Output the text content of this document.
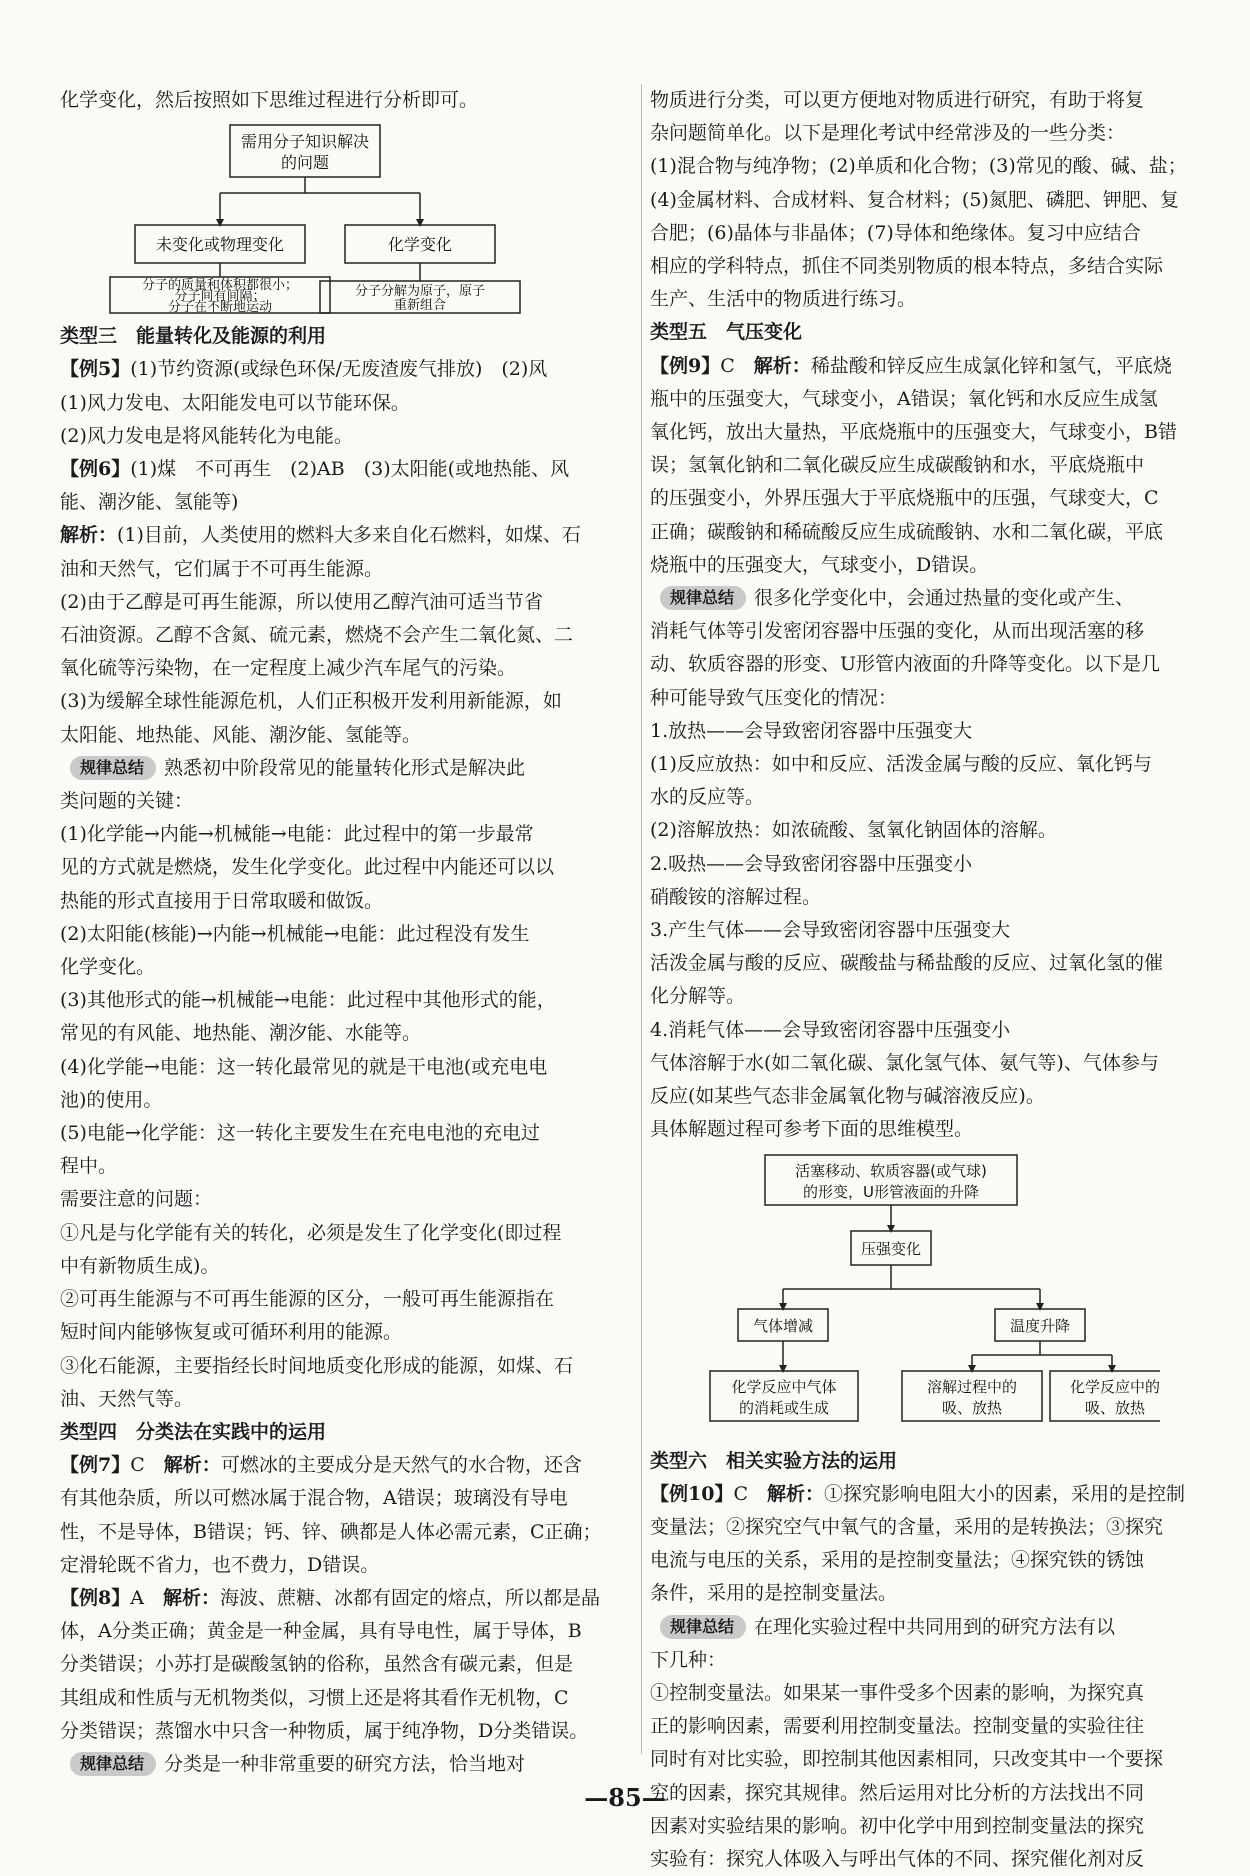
化学变化，然后按照如下思维过程进行分析即可。

需用分子知识解决
的问题
未变化或物理变化	化学变化
分子的质量和体积都很小；
分子间有间隔；
分子在不断地运动
分子分解为原子，原子
重新组合

类型三　能量转化及能源的利用

【例5】(1)节约资源(或绿色环保/无废渣废气排放)　(2)风

(1)风力发电、太阳能发电可以节能环保。

(2)风力发电是将风能转化为电能。

【例6】(1)煤　不可再生　(2)AB　(3)太阳能(或地热能、风

能、潮汐能、氢能等)

解析：(1)目前，人类使用的燃料大多来自化石燃料，如煤、石

油和天然气，它们属于不可再生能源。

(2)由于乙醇是可再生能源，所以使用乙醇汽油可适当节省

石油资源。乙醇不含氮、硫元素，燃烧不会产生二氧化氮、二

氧化硫等污染物，在一定程度上减少汽车尾气的污染。

(3)为缓解全球性能源危机，人们正积极开发利用新能源，如

太阳能、地热能、风能、潮汐能、氢能等。

规律总结 熟悉初中阶段常见的能量转化形式是解决此

类问题的关键：

(1)化学能→内能→机械能→电能：此过程中的第一步最常

见的方式就是燃烧，发生化学变化。此过程中内能还可以以

热能的形式直接用于日常取暖和做饭。

(2)太阳能(核能)→内能→机械能→电能：此过程没有发生

化学变化。

(3)其他形式的能→机械能→电能：此过程中其他形式的能，

常见的有风能、地热能、潮汐能、水能等。

(4)化学能→电能：这一转化最常见的就是干电池(或充电电

池)的使用。

(5)电能→化学能：这一转化主要发生在充电电池的充电过

程中。

需要注意的问题：

①凡是与化学能有关的转化，必须是发生了化学变化(即过程

中有新物质生成)。

②可再生能源与不可再生能源的区分，一般可再生能源指在

短时间内能够恢复或可循环利用的能源。

③化石能源，主要指经长时间地质变化形成的能源，如煤、石

油、天然气等。

类型四　分类法在实践中的运用

【例7】C　 解析：可燃冰的主要成分是天然气的水合物，还含

有其他杂质，所以可燃冰属于混合物，A错误；玻璃没有导电

性，不是导体，B错误；钙、锌、碘都是人体必需元素，C正确；

定滑轮既不省力，也不费力，D错误。

【例8】A　 解析：海波、蔗糖、冰都有固定的熔点，所以都是晶

体，A分类正确；黄金是一种金属，具有导电性，属于导体，B

分类错误；小苏打是碳酸氢钠的俗称，虽然含有碳元素，但是

其组成和性质与无机物类似，习惯上还是将其看作无机物，C

分类错误；蒸馏水中只含一种物质，属于纯净物，D分类错误。

规律总结 分类是一种非常重要的研究方法，恰当地对

物质进行分类，可以更方便地对物质进行研究，有助于将复

杂问题简单化。以下是理化考试中经常涉及的一些分类：

(1)混合物与纯净物；(2)单质和化合物；(3)常见的酸、碱、盐；

(4)金属材料、合成材料、复合材料；(5)氮肥、磷肥、钾肥、复

合肥；(6)晶体与非晶体；(7)导体和绝缘体。复习中应结合

相应的学科特点，抓住不同类别物质的根本特点，多结合实际

生产、生活中的物质进行练习。

类型五　气压变化

【例9】C　 解析：稀盐酸和锌反应生成氯化锌和氢气，平底烧

瓶中的压强变大，气球变小，A错误；氧化钙和水反应生成氢

氧化钙，放出大量热，平底烧瓶中的压强变大，气球变小，B错

误；氢氧化钠和二氧化碳反应生成碳酸钠和水，平底烧瓶中

的压强变小，外界压强大于平底烧瓶中的压强，气球变大，C

正确；碳酸钠和稀硫酸反应生成硫酸钠、水和二氧化碳，平底

烧瓶中的压强变大，气球变小，D错误。

规律总结 很多化学变化中，会通过热量的变化或产生、

消耗气体等引发密闭容器中压强的变化，从而出现活塞的移

动、软质容器的形变、U形管内液面的升降等变化。以下是几

种可能导致气压变化的情况：

1.放热——会导致密闭容器中压强变大

(1)反应放热：如中和反应、活泼金属与酸的反应、氧化钙与

水的反应等。

(2)溶解放热：如浓硫酸、氢氧化钠固体的溶解。

2.吸热——会导致密闭容器中压强变小

硝酸铵的溶解过程。

3.产生气体——会导致密闭容器中压强变大

活泼金属与酸的反应、碳酸盐与稀盐酸的反应、过氧化氢的催

化分解等。

4.消耗气体——会导致密闭容器中压强变小

气体溶解于水(如二氧化碳、氯化氢气体、氨气等)、气体参与

反应(如某些气态非金属氧化物与碱溶液反应)。

具体解题过程可参考下面的思维模型。

活塞移动、软质容器(或气球)
的形变，U形管液面的升降
压强变化
气体增减	温度升降
化学反应中气体
的消耗或生成
溶解过程中的
吸、放热
化学反应中的
吸、放热

类型六　相关实验方法的运用

【例10】C　 解析：①探究影响电阻大小的因素，采用的是控制

变量法；②探究空气中氧气的含量，采用的是转换法；③探究

电流与电压的关系，采用的是控制变量法；④探究铁的锈蚀

条件，采用的是控制变量法。

规律总结 在理化实验过程中共同用到的研究方法有以

下几种：

①控制变量法。如果某一事件受多个因素的影响，为探究真

正的影响因素，需要利用控制变量法。控制变量的实验往往

同时有对比实验，即控制其他因素相同，只改变其中一个要探

究的因素，探究其规律。然后运用对比分析的方法找出不同

因素对实验结果的影响。初中化学中用到控制变量法的探究

实验有：探究人体吸入与呼出气体的不同、探究催化剂对反

—85—
